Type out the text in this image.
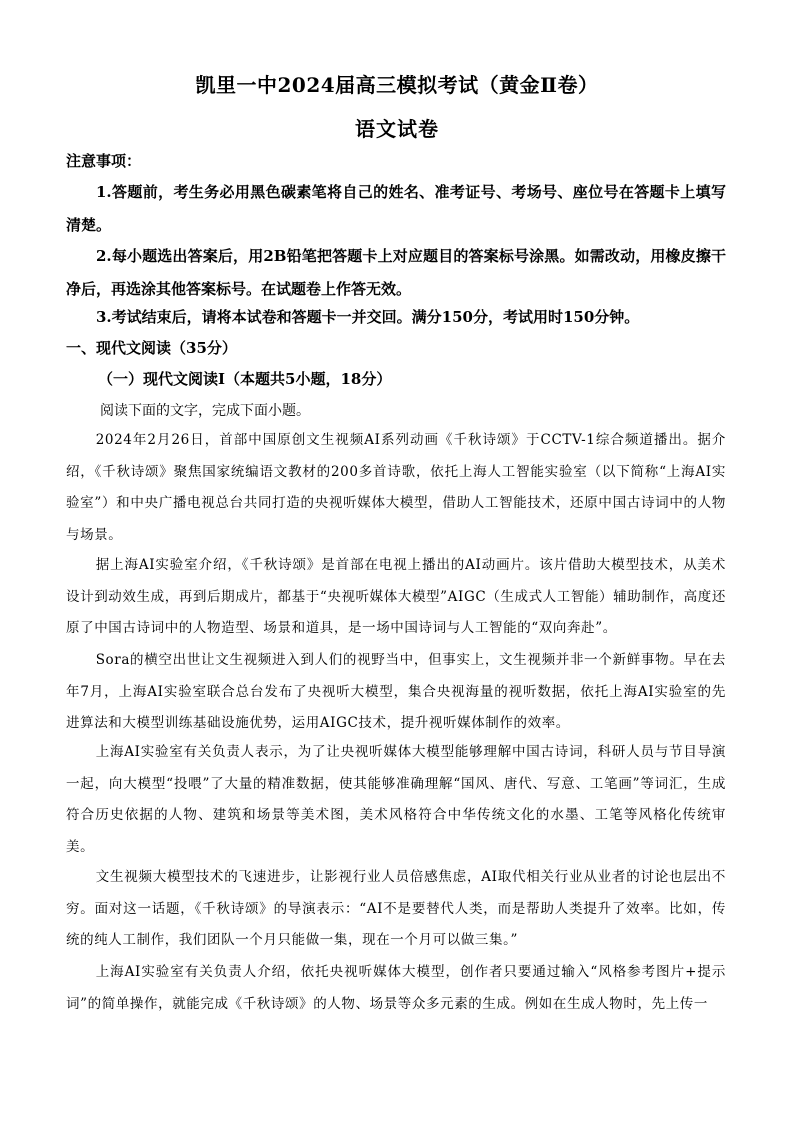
凯里一中2024届高三模拟考试（黄金Ⅱ卷）
语文试卷
注意事项：
1.答题前，考生务必用黑色碳素笔将自己的姓名、准考证号、考场号、座位号在答题卡上填写清楚。
2.每小题选出答案后，用2B铅笔把答题卡上对应题目的答案标号涂黑。如需改动，用橡皮擦干净后，再选涂其他答案标号。在试题卷上作答无效。
3.考试结束后，请将本试卷和答题卡一并交回。满分150分，考试用时150分钟。
一、现代文阅读（35分）
（一）现代文阅读Ⅰ（本题共5小题，18分）
阅读下面的文字，完成下面小题。
2024年2月26日，首部中国原创文生视频AI系列动画《千秋诗颂》于CCTV-1综合频道播出。据介绍，《千秋诗颂》聚焦国家统编语文教材的200多首诗歌，依托上海人工智能实验室（以下简称“上海AI实验室”）和中央广播电视总台共同打造的央视听媒体大模型，借助人工智能技术，还原中国古诗词中的人物与场景。
据上海AI实验室介绍，《千秋诗颂》是首部在电视上播出的AI动画片。该片借助大模型技术，从美术设计到动效生成，再到后期成片，都基于“央视听媒体大模型”AIGC（生成式人工智能）辅助制作，高度还原了中国古诗词中的人物造型、场景和道具，是一场中国诗词与人工智能的“双向奔赴”。
Sora的横空出世让文生视频进入到人们的视野当中，但事实上，文生视频并非一个新鲜事物。早在去年7月，上海AI实验室联合总台发布了央视听大模型，集合央视海量的视听数据，依托上海AI实验室的先进算法和大模型训练基础设施优势，运用AIGC技术，提升视听媒体制作的效率。
上海AI实验室有关负责人表示，为了让央视听媒体大模型能够理解中国古诗词，科研人员与节目导演一起，向大模型“投喂”了大量的精准数据，使其能够准确理解“国风、唐代、写意、工笔画”等词汇，生成符合历史依据的人物、建筑和场景等美术图，美术风格符合中华传统文化的水墨、工笔等风格化传统审美。
文生视频大模型技术的飞速进步，让影视行业人员倍感焦虑，AI取代相关行业从业者的讨论也层出不穷。面对这一话题，《千秋诗颂》的导演表示：“AI不是要替代人类，而是帮助人类提升了效率。比如，传统的纯人工制作，我们团队一个月只能做一集，现在一个月可以做三集。”
上海AI实验室有关负责人介绍，依托央视听媒体大模型，创作者只要通过输入“风格参考图片+提示词”的简单操作，就能完成《千秋诗颂》的人物、场景等众多元素的生成。例如在生成人物时，先上传一
